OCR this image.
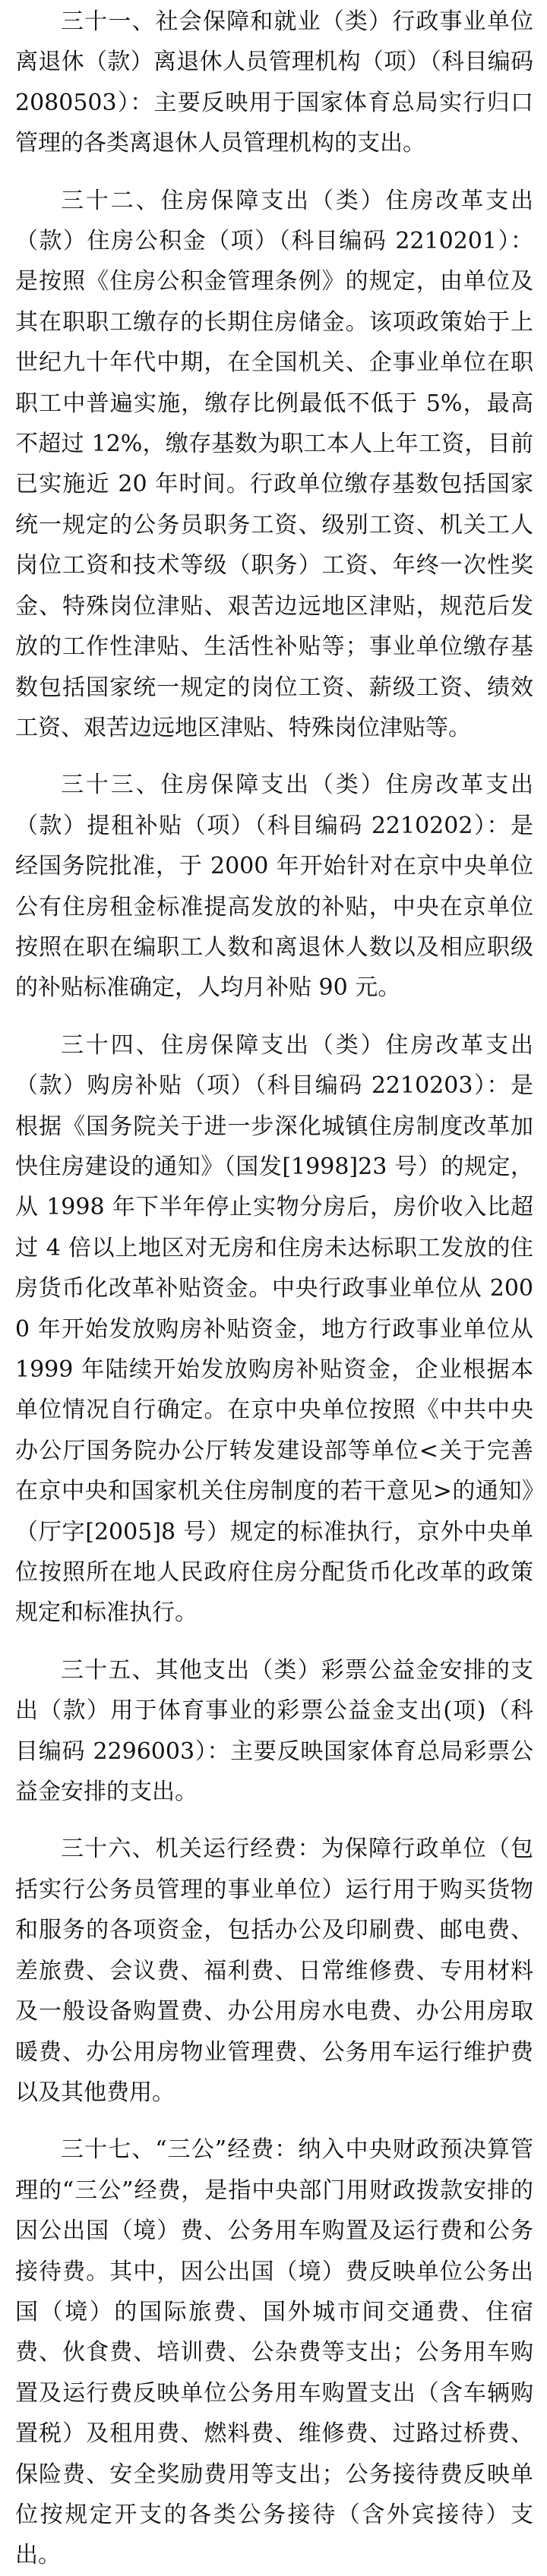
三十一、社会保障和就业（类）行政事业单位离退休（款）离退休人员管理机构（项）（科目编码 2080503）：主要反映用于国家体育总局实行归口管理的各类离退休人员管理机构的支出。

三十二、住房保障支出（类）住房改革支出（款）住房公积金（项）（科目编码 2210201）：是按照《住房公积金管理条例》的规定，由单位及其在职职工缴存的长期住房储金。该项政策始于上世纪九十年代中期，在全国机关、企事业单位在职职工中普遍实施，缴存比例最低不低于 5%，最高不超过 12%，缴存基数为职工本人上年工资，目前已实施近 20 年时间。行政单位缴存基数包括国家统一规定的公务员职务工资、级别工资、机关工人岗位工资和技术等级（职务）工资、年终一次性奖金、特殊岗位津贴、艰苦边远地区津贴，规范后发放的工作性津贴、生活性补贴等；事业单位缴存基数包括国家统一规定的岗位工资、薪级工资、绩效工资、艰苦边远地区津贴、特殊岗位津贴等。

三十三、住房保障支出（类）住房改革支出（款）提租补贴（项）（科目编码 2210202）：是经国务院批准，于 2000 年开始针对在京中央单位公有住房租金标准提高发放的补贴，中央在京单位按照在职在编职工人数和离退休人数以及相应职级的补贴标准确定，人均月补贴 90 元。

三十四、住房保障支出（类）住房改革支出（款）购房补贴（项）（科目编码 2210203）：是根据《国务院关于进一步深化城镇住房制度改革加快住房建设的通知》（国发[1998]23 号）的规定，从 1998 年下半年停止实物分房后，房价收入比超过 4 倍以上地区对无房和住房未达标职工发放的住房货币化改革补贴资金。中央行政事业单位从 2000 年开始发放购房补贴资金，地方行政事业单位从 1999 年陆续开始发放购房补贴资金，企业根据本单位情况自行确定。在京中央单位按照《中共中央办公厅国务院办公厅转发建设部等单位<关于完善在京中央和国家机关住房制度的若干意见>的通知》（厅字[2005]8 号）规定的标准执行，京外中央单位按照所在地人民政府住房分配货币化改革的政策规定和标准执行。

三十五、其他支出（类）彩票公益金安排的支出（款）用于体育事业的彩票公益金支出(项)（科目编码 2296003）：主要反映国家体育总局彩票公益金安排的支出。

三十六、机关运行经费：为保障行政单位（包括实行公务员管理的事业单位）运行用于购买货物和服务的各项资金，包括办公及印刷费、邮电费、差旅费、会议费、福利费、日常维修费、专用材料及一般设备购置费、办公用房水电费、办公用房取暖费、办公用房物业管理费、公务用车运行维护费以及其他费用。

三十七、“三公”经费：纳入中央财政预决算管理的“三公”经费，是指中央部门用财政拨款安排的因公出国（境）费、公务用车购置及运行费和公务接待费。其中，因公出国（境）费反映单位公务出国（境）的国际旅费、国外城市间交通费、住宿费、伙食费、培训费、公杂费等支出；公务用车购置及运行费反映单位公务用车购置支出（含车辆购置税）及租用费、燃料费、维修费、过路过桥费、保险费、安全奖励费用等支出；公务接待费反映单位按规定开支的各类公务接待（含外宾接待）支出。
